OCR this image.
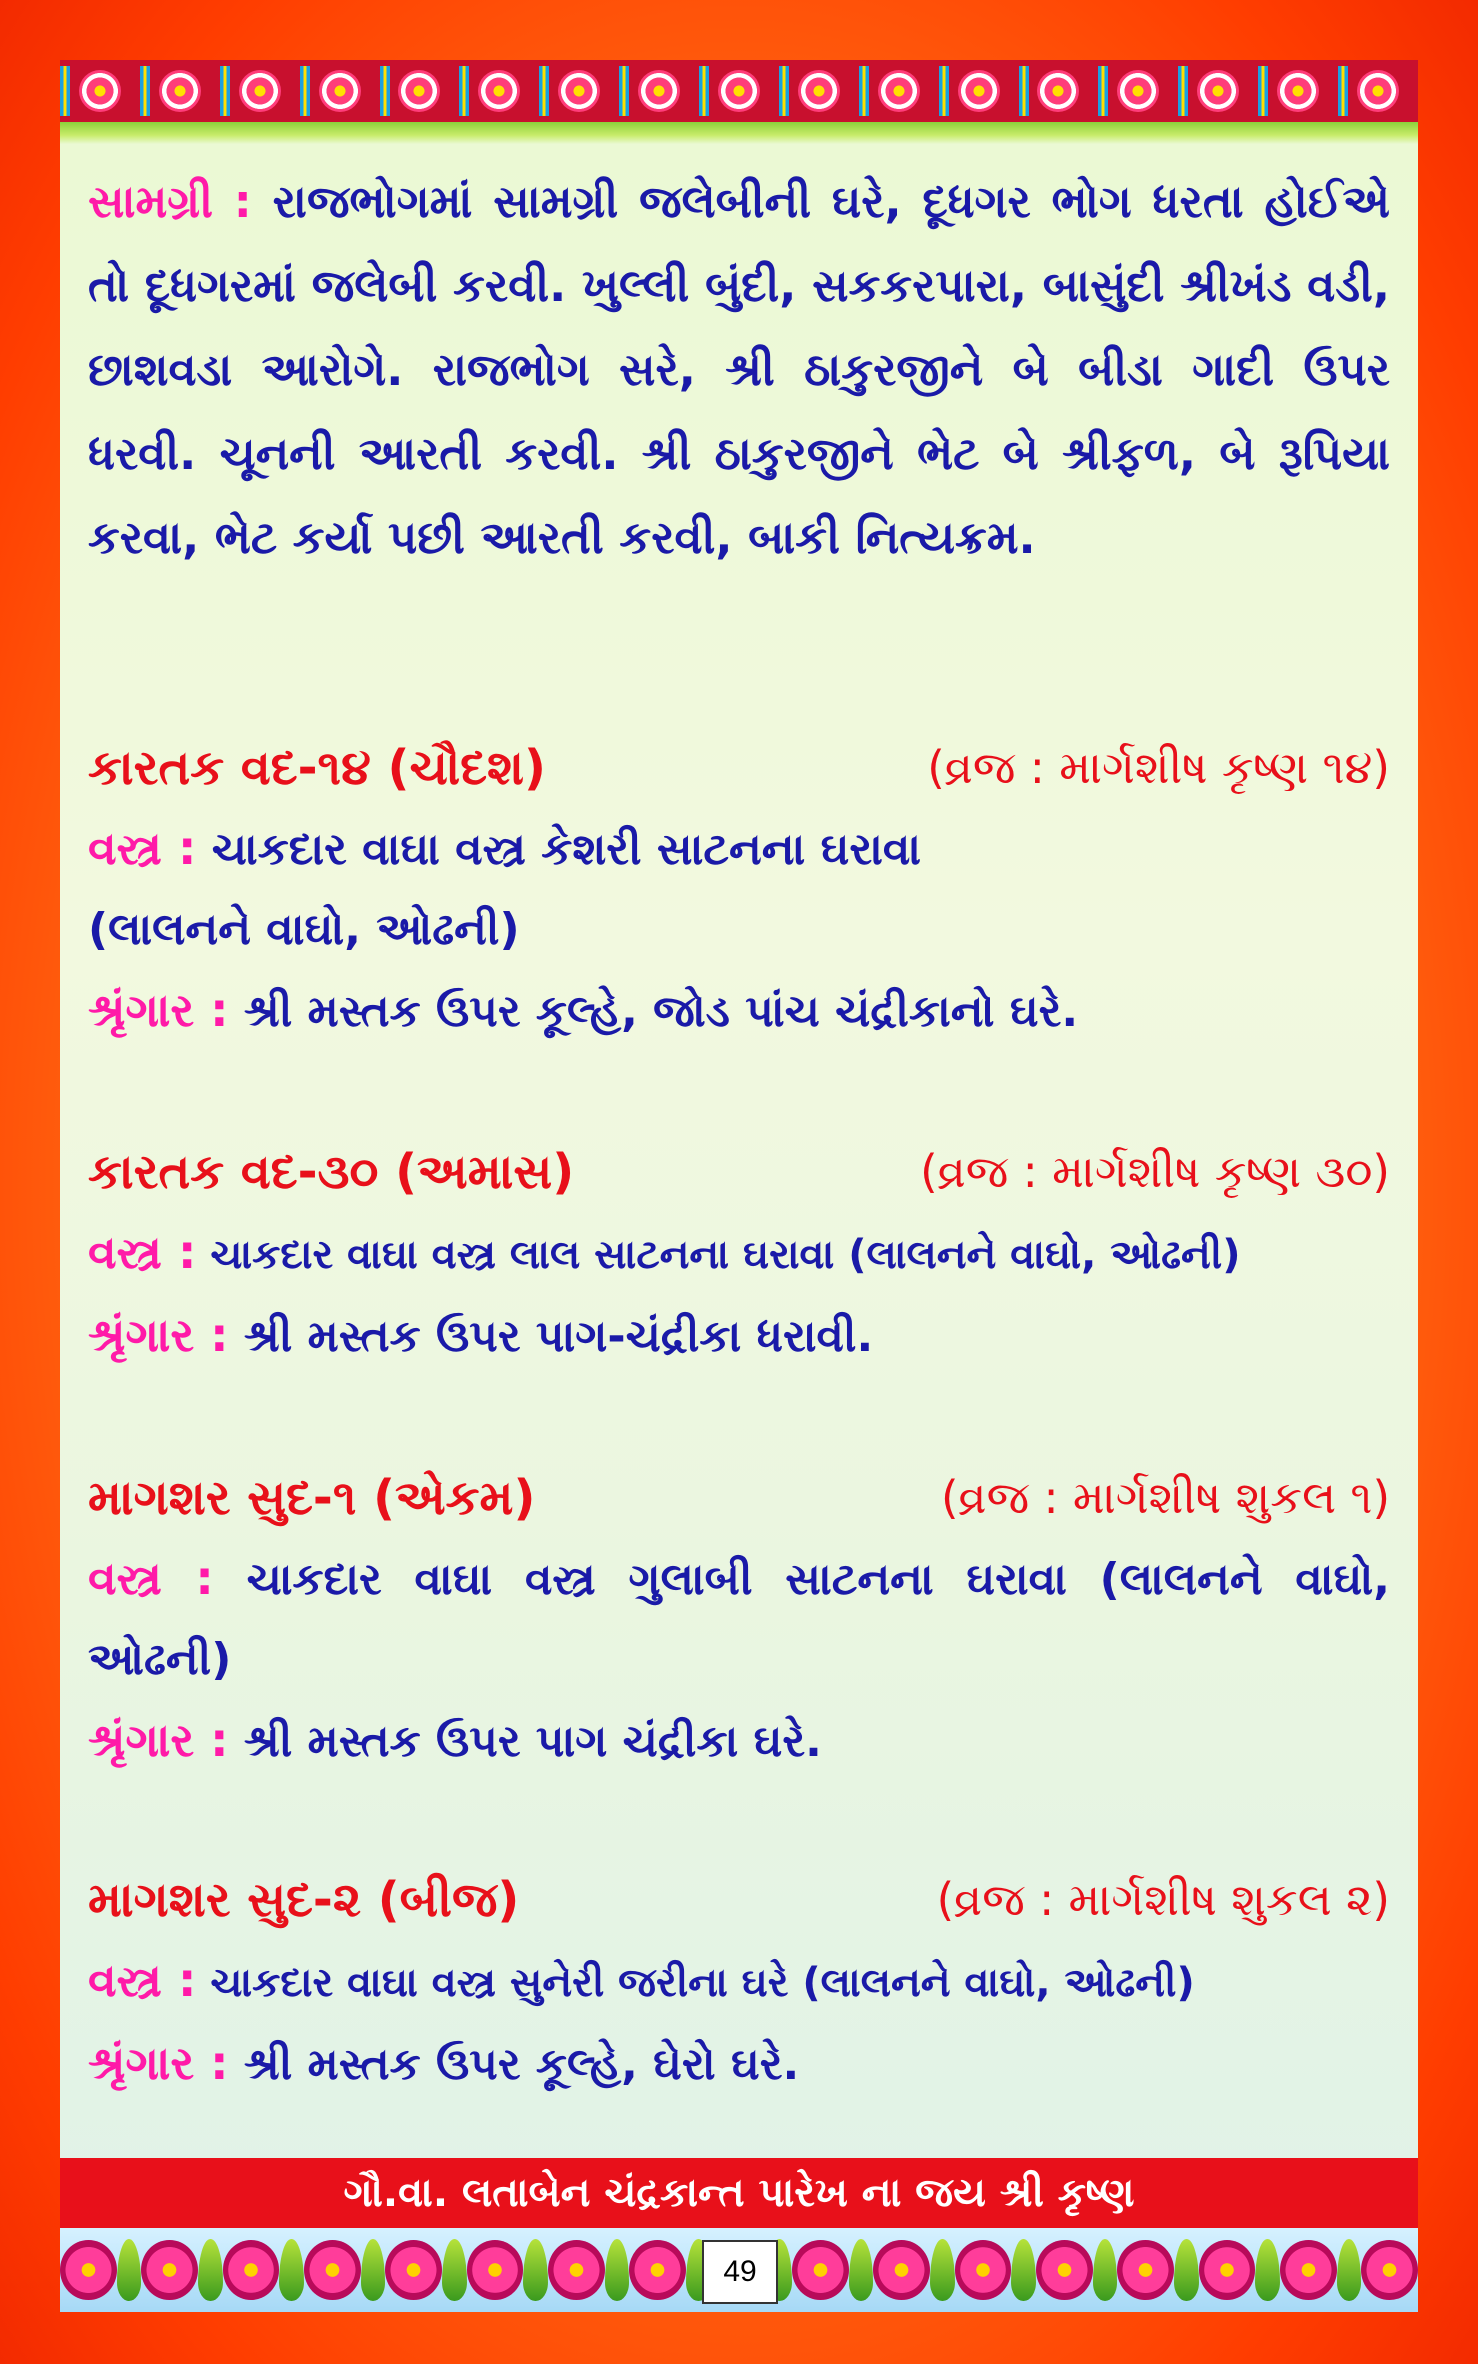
સામગ્રી : રાજભોગમાં સામગ્રી જલેબીની ઘરે, દૂધગર ભોગ ધરતા હોઈએ તો દૂધગરમાં જલેબી કરવી. ખુલ્લી બુંદી, સકકરપારા, બાસુંદી શ્રીખંડ વડી, છાશવડા આરોગે. રાજભોગ સરે, શ્રી ઠાકુરજીને બે બીડા ગાદી ઉપર ધરવી. ચૂનની આરતી કરવી. શ્રી ઠાકુરજીને ભેટ બે શ્રીફળ, બે રૂપિયા કરવા, ભેટ કર્યા પછી આરતી કરવી, બાકી નિત્યક્રમ.

કારતક વદ-૧૪ (ચૌદશ)	(વ્રજ : માર્ગશીષ કૃષ્ણ ૧૪)

વસ્ત્ર : ચાકદાર વાઘા વસ્ત્ર કેશરી સાટનના ઘરાવા

(લાલનને વાઘો, ઓઢની)

શ્રૃંગાર : શ્રી મસ્તક ઉપર કૂલ્હે, જોડ પાંચ ચંદ્રીકાનો ઘરે.

કારતક વદ-૩૦ (અમાસ)	(વ્રજ : માર્ગશીષ કૃષ્ણ ૩૦)

વસ્ત્ર : ચાકદાર વાઘા વસ્ત્ર લાલ સાટનના ઘરાવા (લાલનને વાઘો, ઓઢની)

શ્રૃંગાર : શ્રી મસ્તક ઉપર પાગ-ચંદ્રીકા ધરાવી.

માગશર સુદ-૧ (એકમ)	(વ્રજ : માર્ગશીષ શુકલ ૧)

વસ્ત્ર : ચાકદાર વાઘા વસ્ત્ર ગુલાબી સાટનના ઘરાવા (લાલનને વાઘો, ઓઢની)

શ્રૃંગાર : શ્રી મસ્તક ઉપર પાગ ચંદ્રીકા ઘરે.

માગશર સુદ-૨ (બીજ)	(વ્રજ : માર્ગશીષ શુકલ ૨)

વસ્ત્ર : ચાકદાર વાઘા વસ્ત્ર સુનેરી જરીના ઘરે (લાલનને વાઘો, ઓઢની)

શ્રૃંગાર : શ્રી મસ્તક ઉપર કૂલ્હે, ઘેરો ઘરે.

ગૌ.વા. લતાબેન ચંદ્રકાન્ત પારેખ ના જય શ્રી કૃષ્ણ
49
